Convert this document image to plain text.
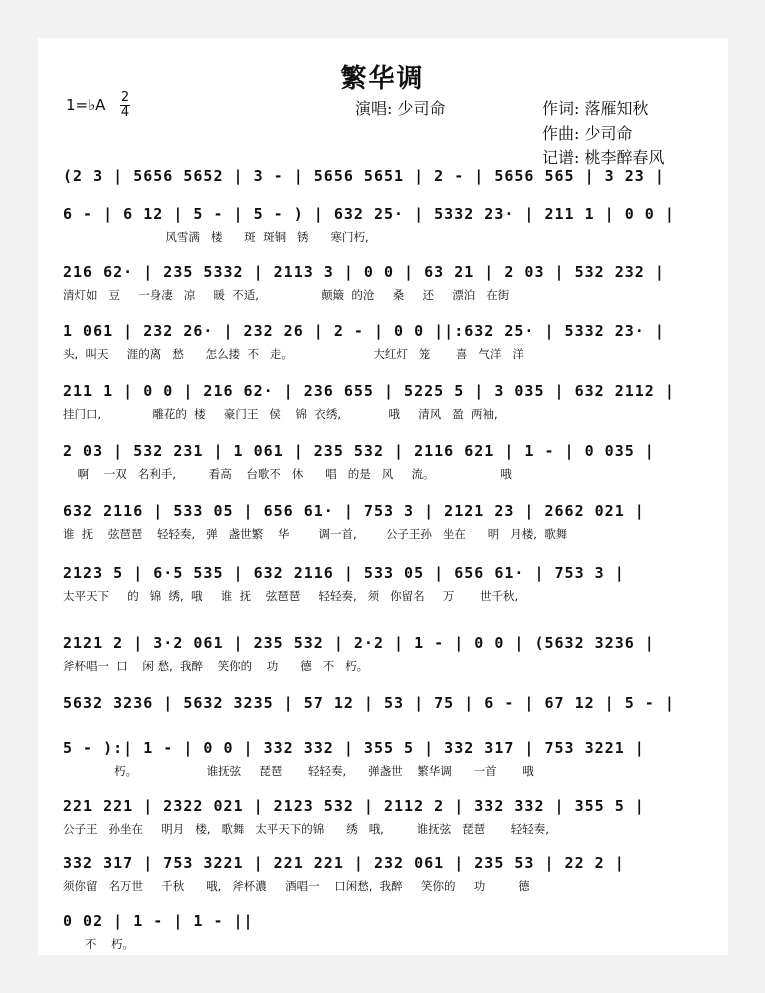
繁华调
1=♭A 2
4	演唱: 少司命	作词: 落雁知秋
作曲: 少司命
记谱: 桃李醉春风
(2 3 | 5656 5652 | 3 - | 5656 5651 | 2 - | 5656 565 | 3 23 |
6 - | 6 12 | 5 - | 5 - ) | 632 25· | 5332 23· | 211 1 | 0 0 |
风雪满   楼      斑  斑铜   锈      寒门朽,
216 62· | 235 5332 | 2113 3 | 0 0 | 63 21 | 2 03 | 532 232 |
清灯如   豆     一身凄   凉     暖  不适,                 颠簸  的沧     桑     还     漂泊   在街
1 061 | 232 26· | 232 26 | 2 - | 0 0 ||:632 25· | 5332 23· |
头,  叫天     涯的离   愁      怎么搂  不   走。                      大红灯   笼       喜   气洋   洋
211 1 | 0 0 | 216 62· | 236 655 | 5225 5 | 3 035 | 632 2112 |
挂门口,              雕花的  楼     豪门王   侯    锦  衣绣,             哦     清风   盈  两袖,
2 03 | 532 231 | 1 061 | 235 532 | 2116 621 | 1 - | 0 035 |
啊    一双   名利手,         看高    台歌不   休      唱   的是   风     流。                  哦
632 2116 | 533 05 | 656 61· | 753 3 | 2121 23 | 2662 021 |
谁  抚    弦琶琶    轻轻奏,   弹   盏世繁    华        调一首,        公子王孙   坐在      明   月楼,  歌舞
2123 5 | 6·5 535 | 632 2116 | 533 05 | 656 61· | 753 3 |
太平天下     的   锦  绣,  哦     谁  抚    弦琶琶     轻轻奏,   须   你留名     万       世千秋,
2121 2 | 3·2 061 | 235 532 | 2·2 | 1 - | 0 0 | (5632 3236 |
斧杯唱一  口    闲 愁,  我醉    笑你的    功      德   不   朽。
5632 3236 | 5632 3235 | 57 12 | 53 | 75 | 6 - | 67 12 | 5 - |
5 - ):| 1 - | 0 0 | 332 332 | 355 5 | 332 317 | 753 3221 |
朽。                   谁抚弦     琵琶       轻轻奏,      弹盏世    繁华调      一首       哦
221 221 | 2322 021 | 2123 532 | 2112 2 | 332 332 | 355 5 |
公子王   孙坐在     明月   楼,   歌舞   太平天下的锦      绣   哦,         谁抚弦   琵琶       轻轻奏,
332 317 | 753 3221 | 221 221 | 232 061 | 235 53 | 22 2 |
须你留   名万世     千秋      哦,   斧杯濃     酒唱一    口闲愁,  我醉     笑你的     功         德
0 02 | 1 - | 1 - ||
不    朽。
